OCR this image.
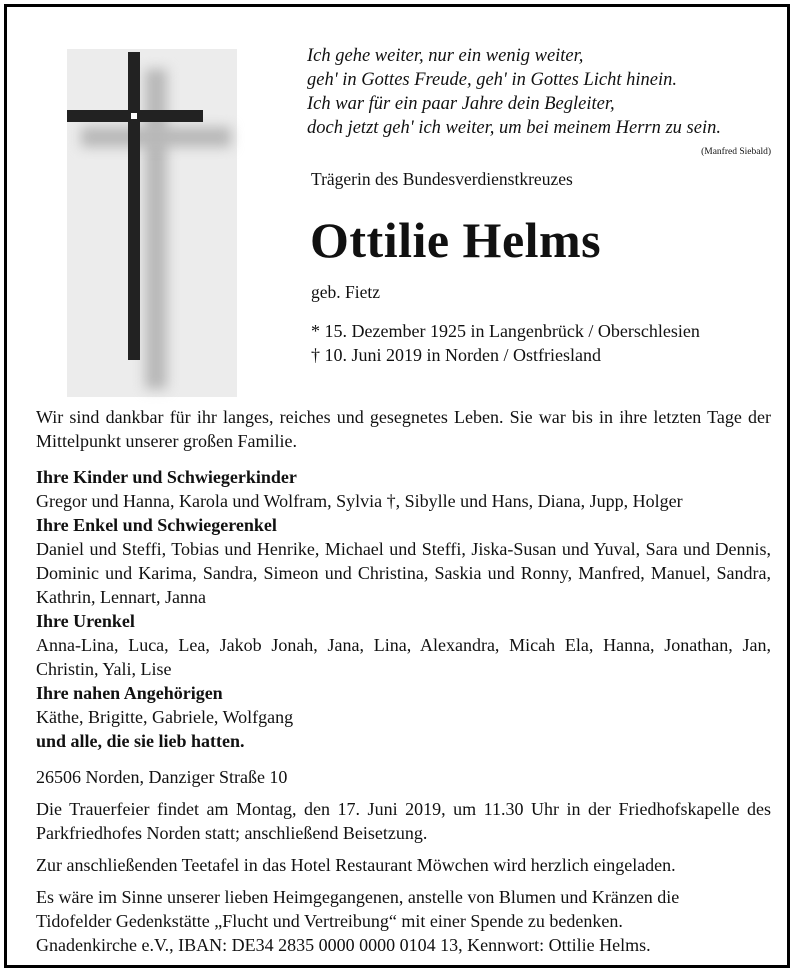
Ich gehe weiter, nur ein wenig weiter,
geh' in Gottes Freude, geh' in Gottes Licht hinein.
Ich war für ein paar Jahre dein Begleiter,
doch jetzt geh' ich weiter, um bei meinem Herrn zu sein.
(Manfred Siebald)
Trägerin des Bundesverdienstkreuzes
Ottilie Helms
geb. Fietz
* 15. Dezember 1925 in Langenbrück / Oberschlesien
† 10. Juni 2019 in Norden / Ostfriesland

Wir sind dankbar für ihr langes, reiches und gesegnetes Leben. Sie war bis in ihre letzten Tage der Mittelpunkt unserer großen Familie.

Ihre Kinder und Schwiegerkinder

Gregor und Hanna, Karola und Wolfram, Sylvia †, Sibylle und Hans, Diana, Jupp, Holger

Ihre Enkel und Schwiegerenkel

Daniel und Steffi, Tobias und Henrike, Michael und Steffi, Jiska-Susan und Yuval, Sara und Dennis, Dominic und Karima, Sandra, Simeon und Christina, Saskia und Ronny, Manfred, Manuel, Sandra, Kathrin, Lennart, Janna

Ihre Urenkel

Anna-Lina, Luca, Lea, Jakob Jonah, Jana, Lina, Alexandra, Micah Ela, Hanna, Jonathan, Jan, Christin, Yali, Lise

Ihre nahen Angehörigen

Käthe, Brigitte, Gabriele, Wolfgang

und alle, die sie lieb hatten.

26506 Norden, Danziger Straße 10

Die Trauerfeier findet am Montag, den 17. Juni 2019, um 11.30 Uhr in der Friedhofskapelle des Parkfriedhofes Norden statt; anschließend Beisetzung.

Zur anschließenden Teetafel in das Hotel Restaurant Möwchen wird herzlich eingeladen.

Es wäre im Sinne unserer lieben Heimgegangenen, anstelle von Blumen und Kränzen die

Tidofelder Gedenkstätte „Flucht und Vertreibung“ mit einer Spende zu bedenken.

Gnadenkirche e.V., IBAN: DE34 2835 0000 0000 0104 13, Kennwort: Ottilie Helms.
